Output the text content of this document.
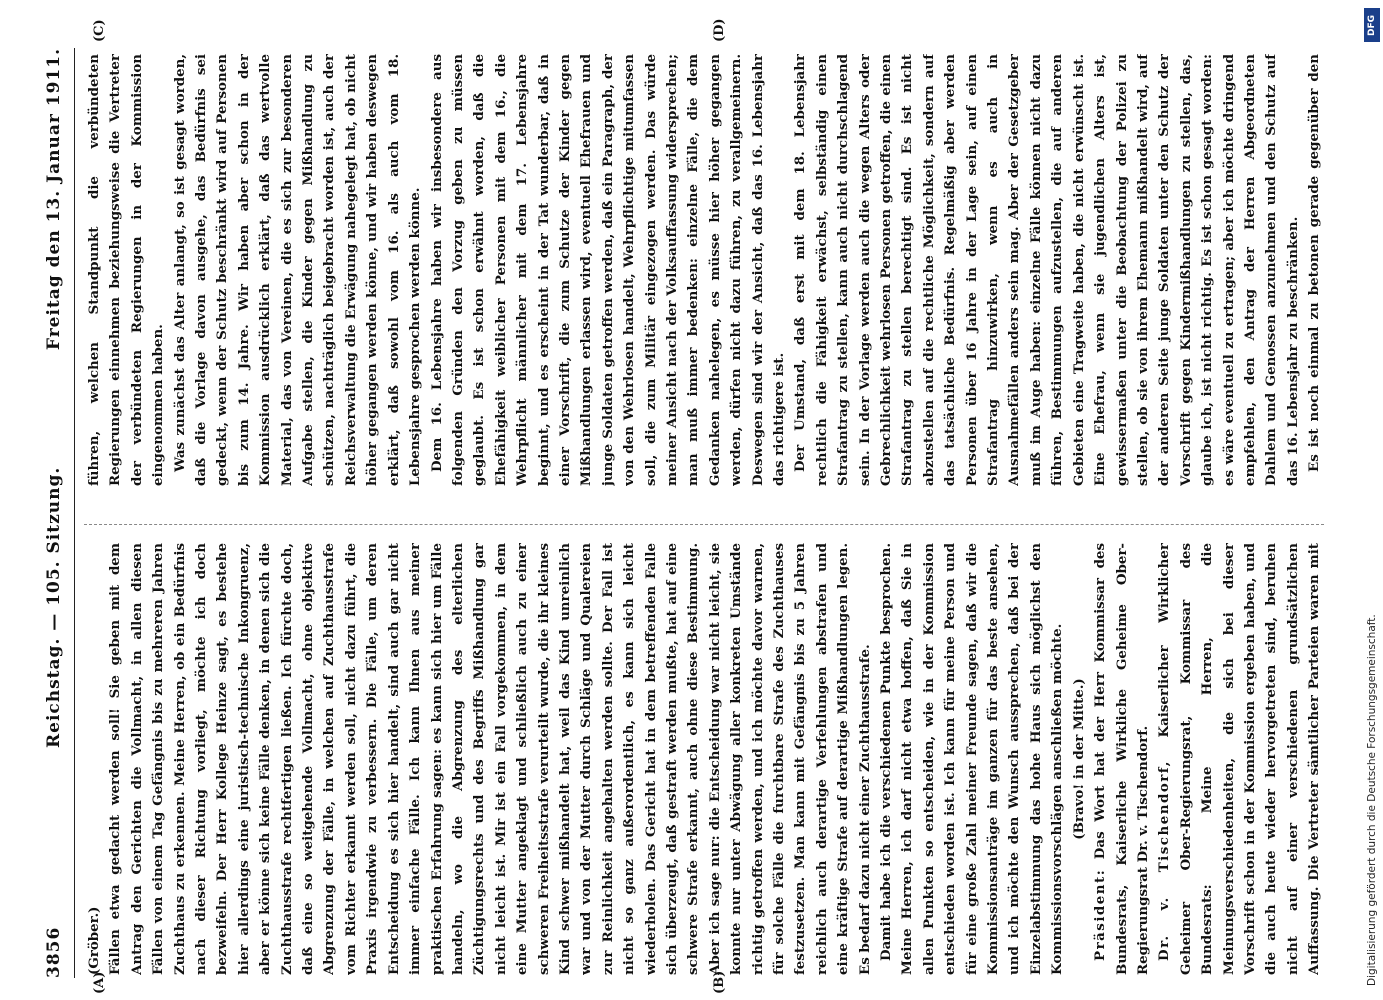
3856
Reichstag. — 105. Sitzung.
Freitag den 13. Januar 1911.

(Gröber.) Fällen etwa gedacht werden soll! Sie geben mit dem Antrag den Gerichten die Vollmacht, in allen diesen Fällen von einem Tag Gefängnis bis zu mehreren Jahren Zuchthaus zu erkennen. Meine Herren, ob ein Bedürfnis nach dieser Richtung vorliegt, möchte ich doch bezweifeln. Der Herr Kollege Heinze sagt, es bestehe hier allerdings eine juristisch-technische Inkongruenz, aber er könne sich keine Fälle denken, in denen sich die Zuchthausstrafe rechtfertigen ließen. Ich fürchte doch, daß eine so weitgehende Vollmacht, ohne objektive Abgrenzung der Fälle, in welchen auf Zuchthausstrafe vom Richter erkannt werden soll, nicht dazu führt, die Praxis irgendwie zu verbessern. Die Fälle, um deren Entscheidung es sich hier handelt, sind auch gar nicht immer einfache Fälle. Ich kann Ihnen aus meiner praktischen Erfahrung sagen: es kann sich hier um Fälle handeln, wo die Abgrenzung des elterlichen Züchtigungsrechts und des Begriffs Mißhandlung gar nicht leicht ist. Mir ist ein Fall vorgekommen, in dem eine Mutter angeklagt und schließlich auch zu einer schweren Freiheitsstrafe verurteilt wurde, die ihr kleines Kind schwer mißhandelt hat, weil das Kind unreinlich war und von der Mutter durch Schläge und Qualereien zur Reinlichkeit angehalten werden sollte. Der Fall ist nicht so ganz außerordentlich, es kann sich leicht wiederholen. Das Gericht hat in dem betreffenden Falle sich überzeugt, daß gestraft werden mußte, hat auf eine schwere Strafe erkannt, auch ohne diese Bestimmung. Aber ich sage nur: die Entscheidung war nicht leicht, sie konnte nur unter Abwägung aller konkreten Umstände richtig getroffen werden, und ich möchte davor warnen, für solche Fälle die furchtbare Strafe des Zuchthauses festzusetzen. Man kann mit Gefängnis bis zu 5 Jahren reichlich auch derartige Verfehlungen abstrafen und eine kräftige Strafe auf derartige Mißhandlungen legen. Es bedarf dazu nicht einer Zuchthausstrafe. Damit habe ich die verschiedenen Punkte besprochen. Meine Herren, ich darf nicht etwa hoffen, daß Sie in allen Punkten so entscheiden, wie in der Kommission entschieden worden ist. Ich kann für meine Person und für eine große Zahl meiner Freunde sagen, daß wir die Kommissionsanträge im ganzen für das beste ansehen, und ich möchte den Wunsch aussprechen, daß bei der Einzelabstimmung das hohe Haus sich möglichst den Kommissionsvorschlägen anschließen möchte. (Bravo! in der Mitte.)

Präsident: Das Wort hat der Herr Kommissar des Bundesrats, Kaiserliche Wirkliche Geheime Ober-Regierungsrat Dr. v. Tischendorf. Dr. v. Tischendorf, Kaiserlicher Wirklicher Geheimer Ober-Regierungsrat, Kommissar des Bundesrats: Meine Herren, die Meinungsverschiedenheiten, die sich bei dieser Vorschrift schon in der Kommission ergeben haben, und die auch heute wieder hervorgetreten sind, beruhen nicht auf einer verschiedenen grundsätzlichen Auffassung. Die Vertreter sämtlicher Parteien waren mit

führen, welchen Standpunkt die verbündeten Regierungen einnehmen beziehungsweise die Vertreter der verbündeten Regierungen in der Kommission eingenommen haben. Was zunächst das Alter anlangt, so ist gesagt worden, daß die Vorlage davon ausgehe, das Bedürfnis sei gedeckt, wenn der Schutz beschränkt wird auf Personen bis zum 14. Jahre. Wir haben aber schon in der Kommission ausdrücklich erklärt, daß das wertvolle Material, das von Vereinen, die es sich zur besonderen Aufgabe stellen, die Kinder gegen Mißhandlung zu schützen, nachträglich beigebracht worden ist, auch der Reichsverwaltung die Erwägung nahegelegt hat, ob nicht höher gegangen werden könne, und wir haben deswegen erklärt, daß sowohl vom 16. als auch vom 18. Lebensjahre gesprochen werden könne. Dem 16. Lebensjahre haben wir insbesondere aus folgenden Gründen den Vorzug geben zu müssen geglaubt. Es ist schon erwähnt worden, daß die Ehefähigkeit weiblicher Personen mit dem 16., die Wehrpflicht männlicher mit dem 17. Lebensjahre beginnt, und es erscheint in der Tat wunderbar, daß in einer Vorschrift, die zum Schutze der Kinder gegen Mißhandlungen erlassen wird, eventuell Ehefrauen und junge Soldaten getroffen werden, daß ein Paragraph, der von den Wehrlosen handelt, Wehrpflichtige mitumfassen soll, die zum Militär eingezogen werden. Das würde meiner Ansicht nach der Volksauffassung widersprechen; man muß immer bedenken: einzelne Fälle, die dem Gedanken nahelegen, es müsse hier höher gegangen werden, dürfen nicht dazu führen, zu verallgemeinern. Deswegen sind wir der Ansicht, daß das 16. Lebensjahr das richtigere ist. Der Umstand, daß erst mit dem 18. Lebensjahr rechtlich die Fähigkeit erwächst, selbständig einen Strafantrag zu stellen, kann auch nicht durchschlagend sein. In der Vorlage werden auch die wegen Alters oder Gebrechlichkeit wehrlosen Personen getroffen, die einen Strafantrag zu stellen berechtigt sind. Es ist nicht abzustellen auf die rechtliche Möglichkeit, sondern auf das tatsächliche Bedürfnis. Regelmäßig aber werden Personen über 16 Jahre in der Lage sein, auf einen Strafantrag hinzuwirken, wenn es auch in Ausnahmefällen anders sein mag. Aber der Gesetzgeber muß im Auge haben: einzelne Fälle können nicht dazu führen, Bestimmungen aufzustellen, die auf anderen Gebieten eine Tragweite haben, die nicht erwünscht ist. Eine Ehefrau, wenn sie jugendlichen Alters ist, gewissermaßen unter die Beobachtung der Polizei zu stellen, ob sie von ihrem Ehemann mißhandelt wird, auf der anderen Seite junge Soldaten unter den Schutz der Vorschrift gegen Kindermißhandlungen zu stellen, das, glaube ich, ist nicht richtig. Es ist schon gesagt worden: es wäre eventuell zu ertragen; aber ich möchte dringend empfehlen, den Antrag der Herren Abgeordneten Dahlem und Genossen anzunehmen und den Schutz auf das 16. Lebensjahr zu beschränken. Es ist noch einmal zu betonen gerade gegenüber den

(A)	(B)
(C)	(D)	DFG
Digitalisierung gefördert durch die Deutsche Forschungsgemeinschaft.
